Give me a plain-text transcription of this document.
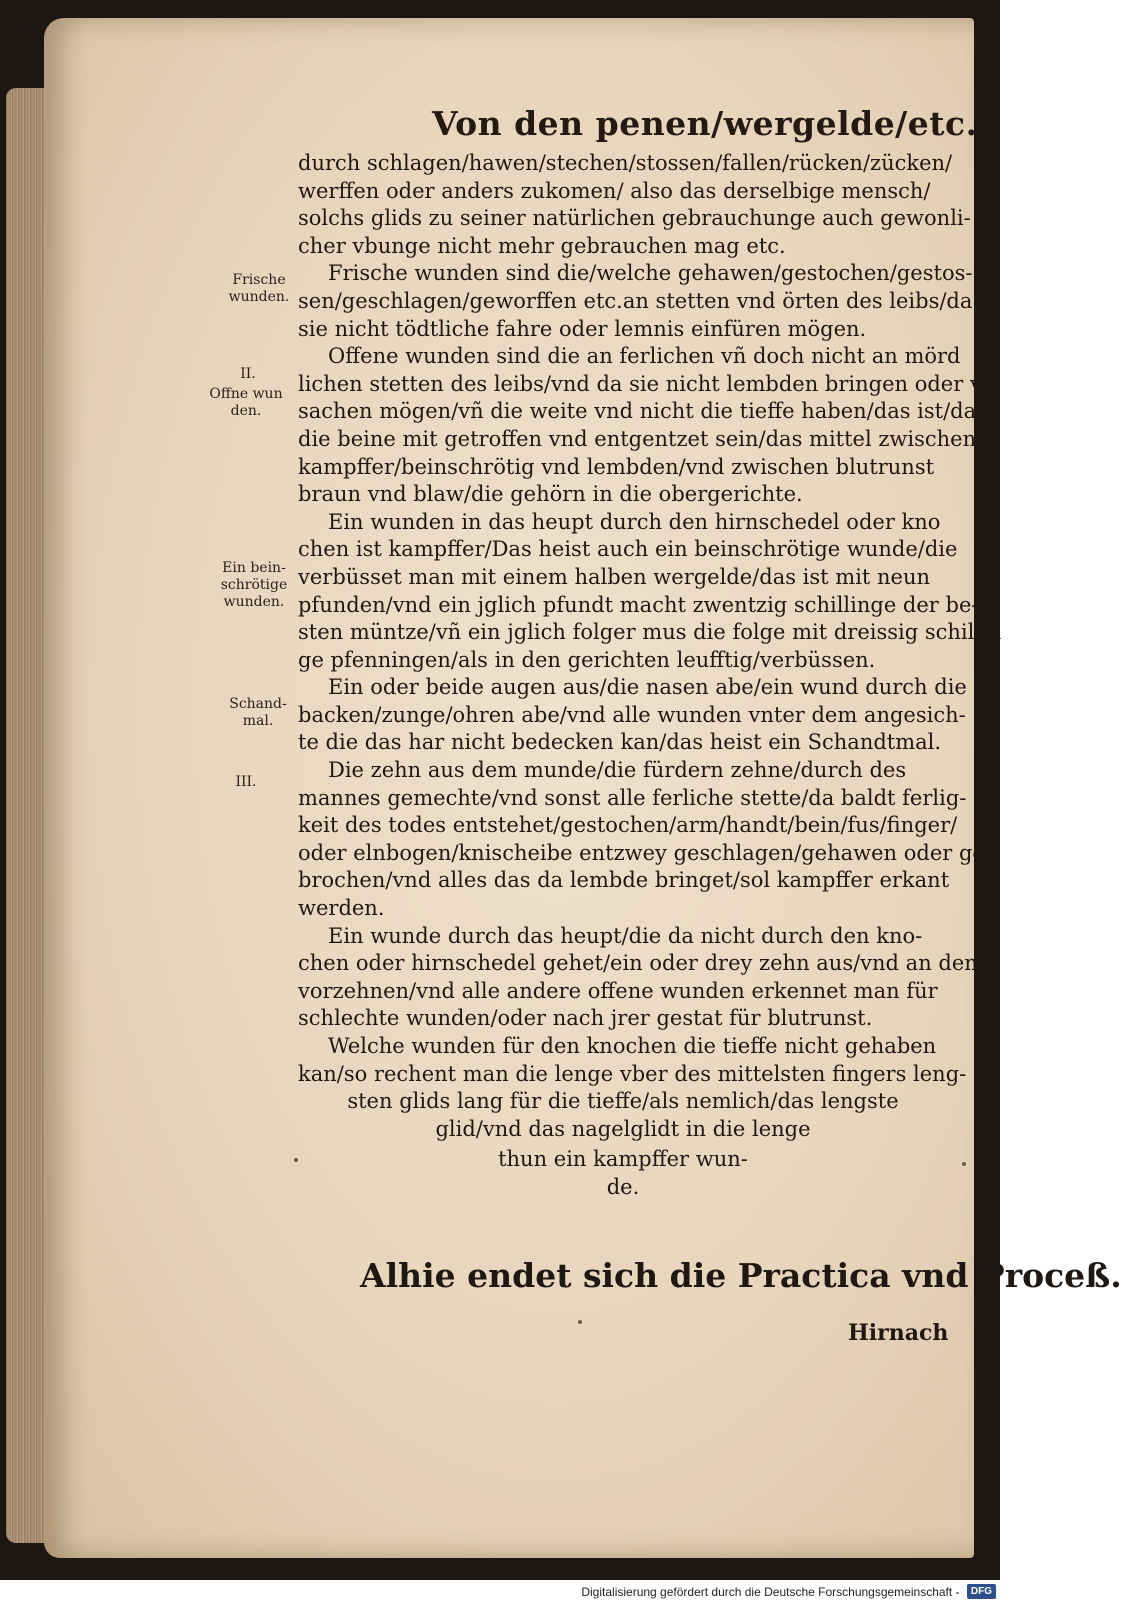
Von den penen/wergelde/etc.
durch schlagen/hawen/stechen/stossen/fallen/rücken/zücken/
werffen oder anders zukomen/ also das derselbige mensch/
solchs glids zu seiner natürlichen gebrauchunge auch gewonli-
cher vbunge nicht mehr gebrauchen mag etc.
Frische wunden sind die/welche gehawen/gestochen/gestos-
sen/geschlagen/geworffen etc.an stetten vnd örten des leibs/da
sie nicht tödtliche fahre oder lemnis einfüren mögen.
Offene wunden sind die an ferlichen vñ doch nicht an mörd
lichen stetten des leibs/vnd da sie nicht lembden bringen oder vr
sachen mögen/vñ die weite vnd nicht die tieffe haben/das ist/da
die beine mit getroffen vnd entgentzet sein/das mittel zwischen
kampffer/beinschrötig vnd lembden/vnd zwischen blutrunst
braun vnd blaw/die gehörn in die obergerichte.
Ein wunden in das heupt durch den hirnschedel oder kno
chen ist kampffer/Das heist auch ein beinschrötige wunde/die
verbüsset man mit einem halben wergelde/das ist mit neun
pfunden/vnd ein jglich pfundt macht zwentzig schillinge der be-
sten müntze/vñ ein jglich folger mus die folge mit dreissig schillin
ge pfenningen/als in den gerichten leufftig/verbüssen.
Ein oder beide augen aus/die nasen abe/ein wund durch die
backen/zunge/ohren abe/vnd alle wunden vnter dem angesich-
te die das har nicht bedecken kan/das heist ein Schandtmal.
Die zehn aus dem munde/die fürdern zehne/durch des
mannes gemechte/vnd sonst alle ferliche stette/da baldt ferlig-
keit des todes entstehet/gestochen/arm/handt/bein/fus/finger/
oder elnbogen/knischeibe entzwey geschlagen/gehawen oder ge-
brochen/vnd alles das da lembde bringet/sol kampffer erkant
werden.
Ein wunde durch das heupt/die da nicht durch den kno-
chen oder hirnschedel gehet/ein oder drey zehn aus/vnd an den
vorzehnen/vnd alle andere offene wunden erkennet man für
schlechte wunden/oder nach jrer gestat für blutrunst.
Welche wunden für den knochen die tieffe nicht gehaben
kan/so rechent man die lenge vber des mittelsten fingers leng-
sten glids lang für die tieffe/als nemlich/das lengste
glid/vnd das nagelglidt in die lenge
thun ein kampffer wun-
de.
Frische wunden.
II.
Offne wun den.
Ein bein- schrötige wunden.
Schand- mal.
III.
Alhie endet sich die Practica vnd Proceß.
Hirnach
Digitalisierung gefördert durch die Deutsche Forschungsgemeinschaft - DFG
